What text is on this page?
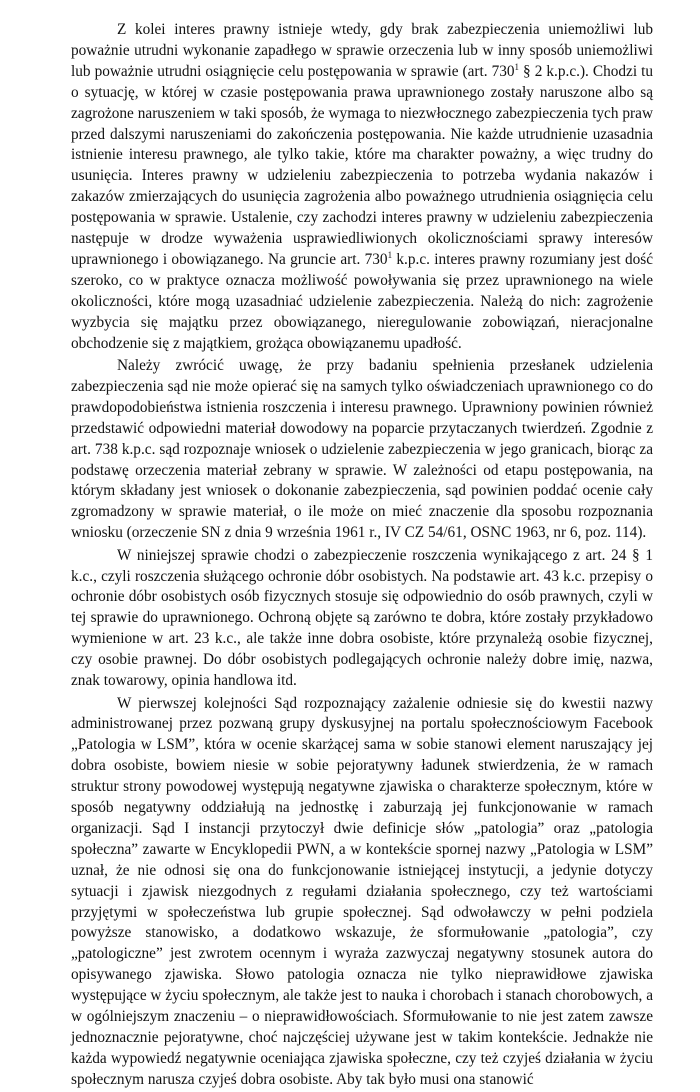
Z kolei interes prawny istnieje wtedy, gdy brak zabezpieczenia uniemożliwi lub poważnie utrudni wykonanie zapadłego w sprawie orzeczenia lub w inny sposób uniemożliwi lub poważnie utrudni osiągnięcie celu postępowania w sprawie (art. 730$^1$ § 2 k.p.c.). Chodzi tu o sytuację, w której w czasie postępowania prawa uprawnionego zostały naruszone albo są zagrożone naruszeniem w taki sposób, że wymaga to niezwłocznego zabezpieczenia tych praw przed dalszymi naruszeniami do zakończenia postępowania. Nie każde utrudnienie uzasadnia istnienie interesu prawnego, ale tylko takie, które ma charakter poważny, a więc trudny do usunięcia. Interes prawny w udzieleniu zabezpieczenia to potrzeba wydania nakazów i zakazów zmierzających do usunięcia zagrożenia albo poważnego utrudnienia osiągnięcia celu postępowania w sprawie. Ustalenie, czy zachodzi interes prawny w udzieleniu zabezpieczenia następuje w drodze wyważenia usprawiedliwionych okolicznościami sprawy interesów uprawnionego i obowiązanego. Na gruncie art. 730$^1$ k.p.c. interes prawny rozumiany jest dość szeroko, co w praktyce oznacza możliwość powoływania się przez uprawnionego na wiele okoliczności, które mogą uzasadniać udzielenie zabezpieczenia. Należą do nich: zagrożenie wyzbycia się majątku przez obowiązanego, nieregulowanie zobowiązań, nieracjonalne obchodzenie się z majątkiem, grożąca obowiązanemu upadłość.

Należy zwrócić uwagę, że przy badaniu spełnienia przesłanek udzielenia zabezpieczenia sąd nie może opierać się na samych tylko oświadczeniach uprawnionego co do prawdopodobieństwa istnienia roszczenia i interesu prawnego. Uprawniony powinien również przedstawić odpowiedni materiał dowodowy na poparcie przytaczanych twierdzeń. Zgodnie z art. 738 k.p.c. sąd rozpoznaje wniosek o udzielenie zabezpieczenia w jego granicach, biorąc za podstawę orzeczenia materiał zebrany w sprawie. W zależności od etapu postępowania, na którym składany jest wniosek o dokonanie zabezpieczenia, sąd powinien poddać ocenie cały zgromadzony w sprawie materiał, o ile może on mieć znaczenie dla sposobu rozpoznania wniosku (orzeczenie SN z dnia 9 września 1961 r., IV CZ 54/61, OSNC 1963, nr 6, poz. 114).

W niniejszej sprawie chodzi o zabezpieczenie roszczenia wynikającego z art. 24 § 1 k.c., czyli roszczenia służącego ochronie dóbr osobistych. Na podstawie art. 43 k.c. przepisy o ochronie dóbr osobistych osób fizycznych stosuje się odpowiednio do osób prawnych, czyli w tej sprawie do uprawnionego. Ochroną objęte są zarówno te dobra, które zostały przykładowo wymienione w art. 23 k.c., ale także inne dobra osobiste, które przynależą osobie fizycznej, czy osobie prawnej. Do dóbr osobistych podlegających ochronie należy dobre imię, nazwa, znak towarowy, opinia handlowa itd.

W pierwszej kolejności Sąd rozpoznający zażalenie odniesie się do kwestii nazwy administrowanej przez pozwaną grupy dyskusyjnej na portalu społecznościowym Facebook „Patologia w LSM”, która w ocenie skarżącej sama w sobie stanowi element naruszający jej dobra osobiste, bowiem niesie w sobie pejoratywny ładunek stwierdzenia, że w ramach struktur strony powodowej występują negatywne zjawiska o charakterze społecznym, które w sposób negatywny oddziałują na jednostkę i zaburzają jej funkcjonowanie w ramach organizacji. Sąd I instancji przytoczył dwie definicje słów „patologia” oraz „patologia społeczna” zawarte w Encyklopedii PWN, a w kontekście spornej nazwy „Patologia w LSM” uznał, że nie odnosi się ona do funkcjonowanie istniejącej instytucji, a jedynie dotyczy sytuacji i zjawisk niezgodnych z regułami działania społecznego, czy też wartościami przyjętymi w społeczeństwa lub grupie społecznej. Sąd odwoławczy w pełni podziela powyższe stanowisko, a dodatkowo wskazuje, że sformułowanie „patologia”, czy „patologiczne” jest zwrotem ocennym i wyraża zazwyczaj negatywny stosunek autora do opisywanego zjawiska. Słowo patologia oznacza nie tylko nieprawidłowe zjawiska występujące w życiu społecznym, ale także jest to nauka i chorobach i stanach chorobowych, a w ogólniejszym znaczeniu – o nieprawidłowościach. Sformułowanie to nie jest zatem zawsze jednoznacznie pejoratywne, choć najczęściej używane jest w takim kontekście. Jednakże nie każda wypowiedź negatywnie oceniająca zjawiska społeczne, czy też czyjeś działania w życiu społecznym narusza czyjeś dobra osobiste. Aby tak było musi ona stanowić
